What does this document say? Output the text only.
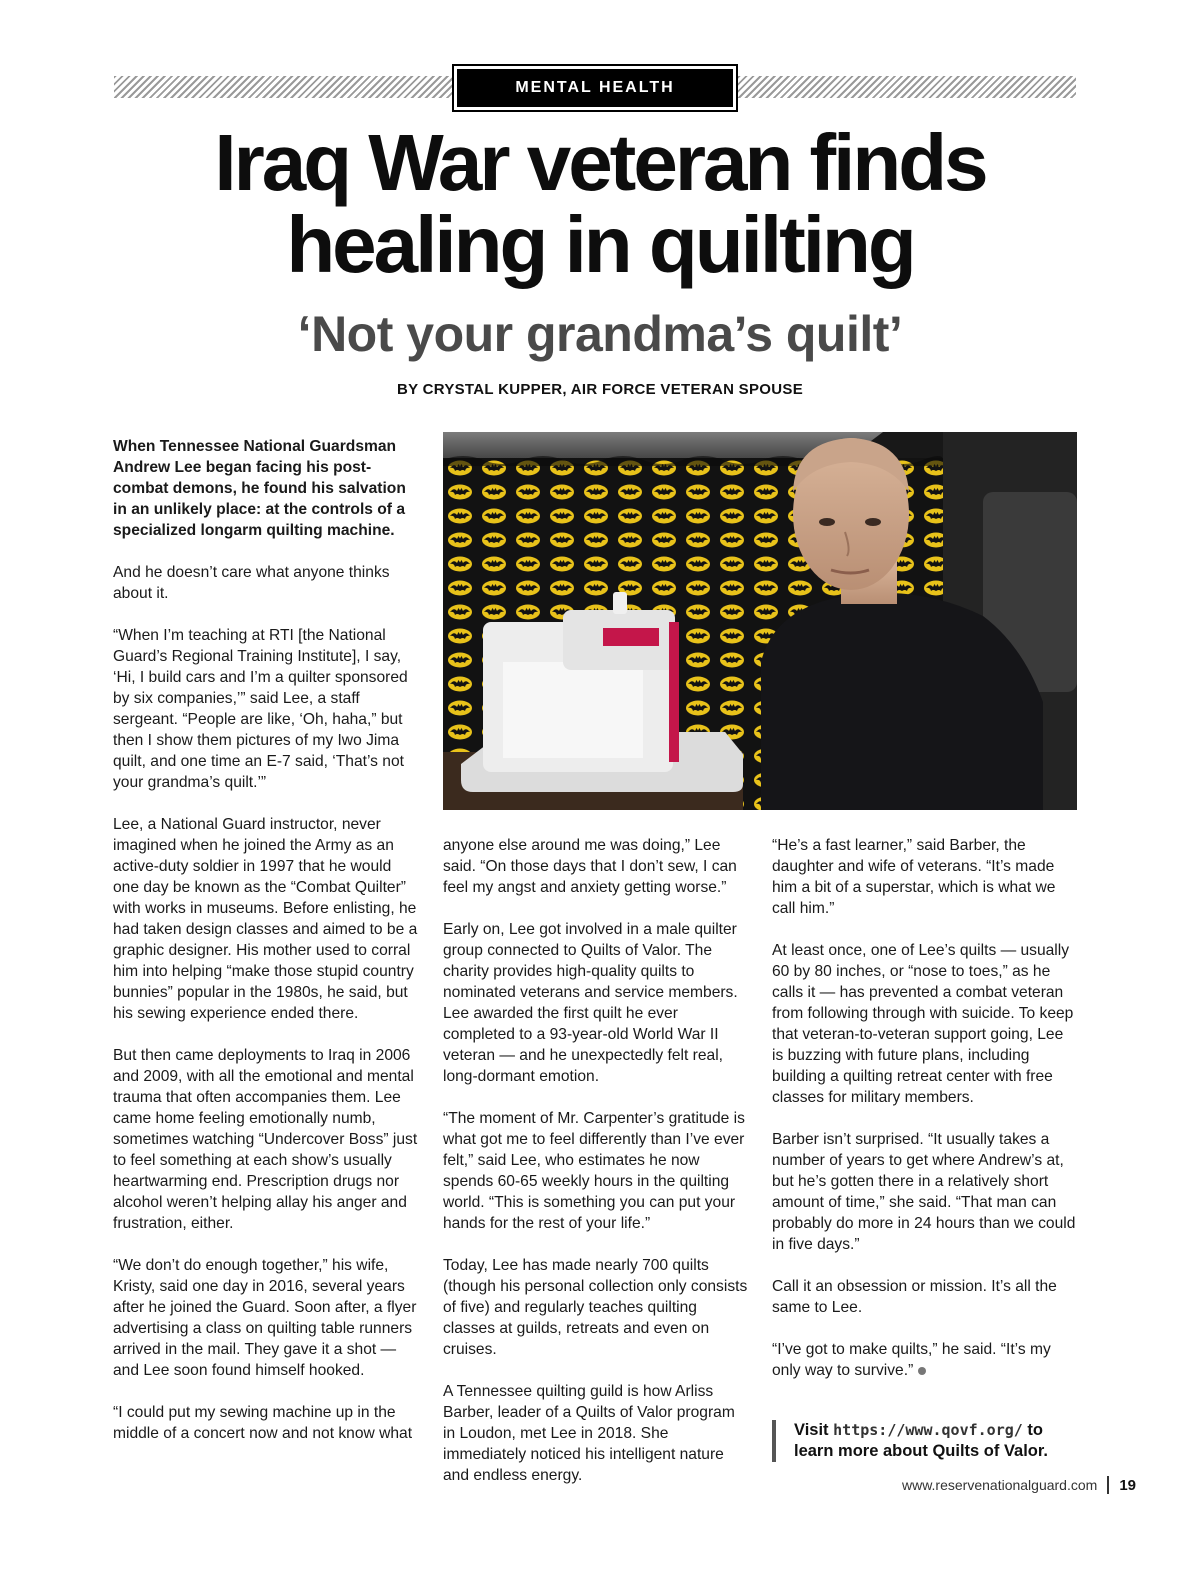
MENTAL HEALTH
Iraq War veteran finds
healing in quilting
‘Not your grandma’s quilt’
BY CRYSTAL KUPPER, AIR FORCE VETERAN SPOUSE

When Tennessee National Guardsman Andrew Lee began facing his post-combat demons, he found his salvation in an unlikely place: at the controls of a specialized longarm quilting machine.

And he doesn’t care what anyone thinks about it.

“When I’m teaching at RTI [the National Guard’s Regional Training Institute], I say, ‘Hi, I build cars and I’m a quilter sponsored by six companies,’” said Lee, a staff sergeant. “People are like, ‘Oh, haha,” but then I show them pictures of my Iwo Jima quilt, and one time an E-7 said, ‘That’s not your grandma’s quilt.’”

Lee, a National Guard instructor, never imagined when he joined the Army as an active-duty soldier in 1997 that he would one day be known as the “Combat Quilter” with works in museums. Before enlisting, he had taken design classes and aimed to be a graphic designer. His mother used to corral him into helping “make those stupid country bunnies” popular in the 1980s, he said, but his sewing experience ended there.

But then came deployments to Iraq in 2006 and 2009, with all the emotional and mental trauma that often accompanies them. Lee came home feeling emotionally numb, sometimes watching “Undercover Boss” just to feel something at each show’s usually heartwarming end. Prescription drugs nor alcohol weren’t helping allay his anger and frustration, either.

“We don’t do enough together,” his wife, Kristy, said one day in 2016, several years after he joined the Guard. Soon after, a flyer advertising a class on quilting table runners arrived in the mail. They gave it a shot — and Lee soon found himself hooked.

“I could put my sewing machine up in the middle of a concert now and not know what

anyone else around me was doing,” Lee said. “On those days that I don’t sew, I can feel my angst and anxiety getting worse.”

Early on, Lee got involved in a male quilter group connected to Quilts of Valor. The charity provides high-quality quilts to nominated veterans and service members. Lee awarded the first quilt he ever completed to a 93-year-old World War II veteran — and he unexpectedly felt real, long-dormant emotion.

“The moment of Mr. Carpenter’s gratitude is what got me to feel differently than I’ve ever felt,” said Lee, who estimates he now spends 60-65 weekly hours in the quilting world. “This is something you can put your hands for the rest of your life.”

Today, Lee has made nearly 700 quilts (though his personal collection only consists of five) and regularly teaches quilting classes at guilds, retreats and even on cruises.

A Tennessee quilting guild is how Arliss Barber, leader of a Quilts of Valor program in Loudon, met Lee in 2018. She immediately noticed his intelligent nature and endless energy.

“He’s a fast learner,” said Barber, the daughter and wife of veterans. “It’s made him a bit of a superstar, which is what we call him.”

At least once, one of Lee’s quilts — usually 60 by 80 inches, or “nose to toes,” as he calls it — has prevented a combat veteran from following through with suicide. To keep that veteran-to-veteran support going, Lee is buzzing with future plans, including building a quilting retreat center with free classes for military members.

Barber isn’t surprised. “It usually takes a number of years to get where Andrew’s at, but he’s gotten there in a relatively short amount of time,” she said. “That man can probably do more in 24 hours than we could in five days.”

Call it an obsession or mission. It’s all the same to Lee.

“I’ve got to make quilts,” he said. “It’s my only way to survive.”

Visit https://www.qovf.org/ to learn more about Quilts of Valor.
www.reservenationalguard.com 19
